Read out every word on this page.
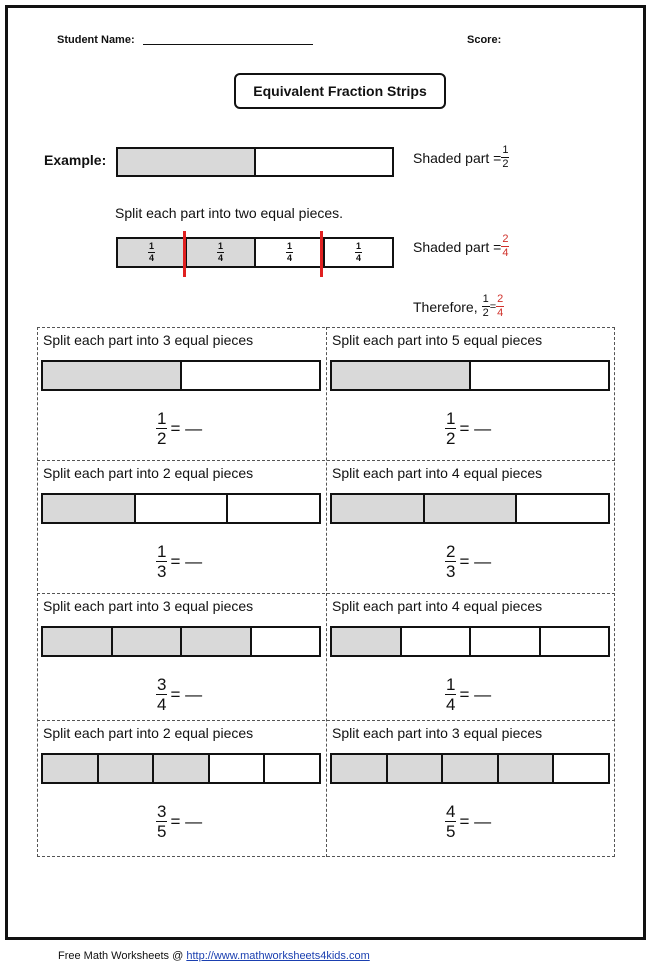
Student Name:	Score:
Equivalent Fraction Strips
Example:	Shaded part = $\frac{1}{2}$
Split each part into two equal pieces.
$\frac{1}{4}$	$\frac{1}{4}$	$\frac{1}{4}$	$\frac{1}{4}$	Shaded part = $\frac{2}{4}$
Therefore, $\frac{1}{2} = \frac{2}{4}$
Split each part into 3 equal pieces
$\frac{1}{2}$ = —
Split each part into 5 equal pieces
$\frac{1}{2}$ = —
Split each part into 2 equal pieces
$\frac{1}{3}$ = —
Split each part into 4 equal pieces
$\frac{2}{3}$ = —
Split each part into 3 equal pieces
$\frac{3}{4}$ = —
Split each part into 4 equal pieces
$\frac{1}{4}$ = —
Split each part into 2 equal pieces
$\frac{3}{5}$ = —
Split each part into 3 equal pieces
$\frac{4}{5}$ = —
Free Math Worksheets @ http://www.mathworksheets4kids.com
